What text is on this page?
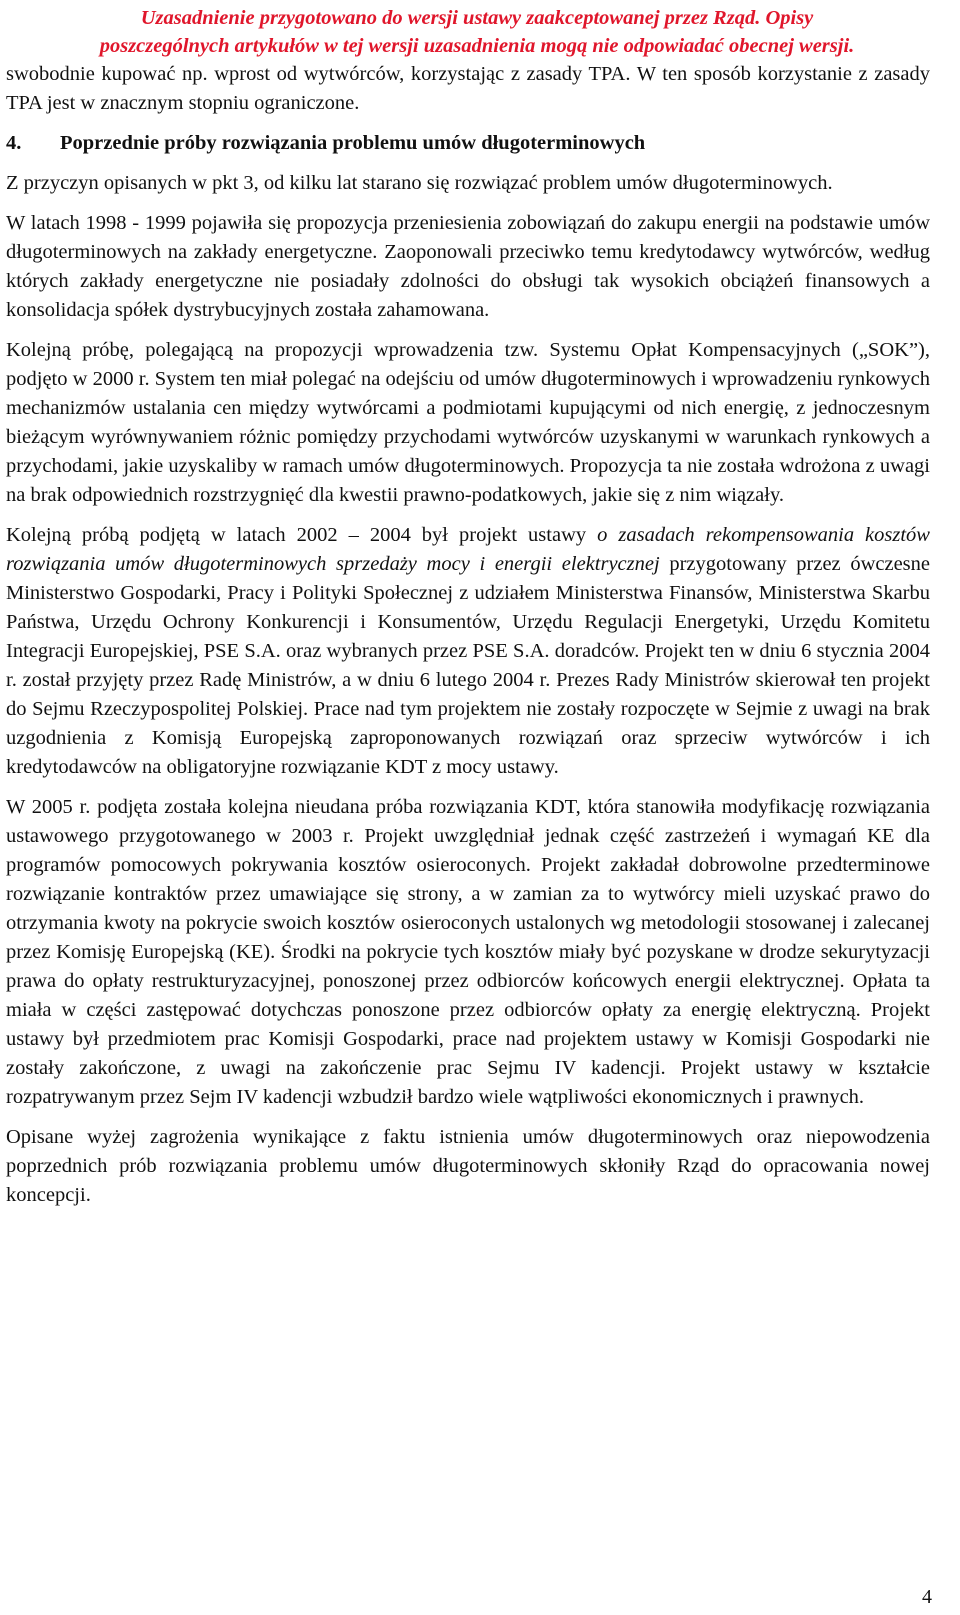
Uzasadnienie przygotowano do wersji ustawy zaakceptowanej przez Rząd. Opisy
poszczególnych artykułów w tej wersji uzasadnienia mogą nie odpowiadać obecnej wersji.

swobodnie kupować np. wprost od wytwórców, korzystając z zasady TPA. W ten sposób korzystanie z zasady TPA jest w znacznym stopniu ograniczone.

4. Poprzednie próby rozwiązania problemu umów długoterminowych

Z przyczyn opisanych w pkt 3, od kilku lat starano się rozwiązać problem umów długoterminowych.

W latach 1998 - 1999 pojawiła się propozycja przeniesienia zobowiązań do zakupu energii na podstawie umów długoterminowych na zakłady energetyczne. Zaoponowali przeciwko temu kredytodawcy wytwórców, według których zakłady energetyczne nie posiadały zdolności do obsługi tak wysokich obciążeń finansowych a konsolidacja spółek dystrybucyjnych została zahamowana.

Kolejną próbę, polegającą na propozycji wprowadzenia tzw. Systemu Opłat Kompensacyjnych („SOK”), podjęto w 2000 r. System ten miał polegać na odejściu od umów długoterminowych i wprowadzeniu rynkowych mechanizmów ustalania cen między wytwórcami a podmiotami kupującymi od nich energię, z jednoczesnym bieżącym wyrównywaniem różnic pomiędzy przychodami wytwórców uzyskanymi w warunkach rynkowych a przychodami, jakie uzyskaliby w ramach umów długoterminowych. Propozycja ta nie została wdrożona z uwagi na brak odpowiednich rozstrzygnięć dla kwestii prawno-podatkowych, jakie się z nim wiązały.

Kolejną próbą podjętą w latach 2002 – 2004 był projekt ustawy o zasadach rekompensowania kosztów rozwiązania umów długoterminowych sprzedaży mocy i energii elektrycznej przygotowany przez ówczesne Ministerstwo Gospodarki, Pracy i Polityki Społecznej z udziałem Ministerstwa Finansów, Ministerstwa Skarbu Państwa, Urzędu Ochrony Konkurencji i Konsumentów, Urzędu Regulacji Energetyki, Urzędu Komitetu Integracji Europejskiej, PSE S.A. oraz wybranych przez PSE S.A. doradców. Projekt ten w dniu 6 stycznia 2004 r. został przyjęty przez Radę Ministrów, a w dniu 6 lutego 2004 r. Prezes Rady Ministrów skierował ten projekt do Sejmu Rzeczypospolitej Polskiej. Prace nad tym projektem nie zostały rozpoczęte w Sejmie z uwagi na brak uzgodnienia z Komisją Europejską zaproponowanych rozwiązań oraz sprzeciw wytwórców i ich kredytodawców na obligatoryjne rozwiązanie KDT z mocy ustawy.

W 2005 r. podjęta została kolejna nieudana próba rozwiązania KDT, która stanowiła modyfikację rozwiązania ustawowego przygotowanego w 2003 r. Projekt uwzględniał jednak część zastrzeżeń i wymagań KE dla programów pomocowych pokrywania kosztów osieroconych. Projekt zakładał dobrowolne przedterminowe rozwiązanie kontraktów przez umawiające się strony, a w zamian za to wytwórcy mieli uzyskać prawo do otrzymania kwoty na pokrycie swoich kosztów osieroconych ustalonych wg metodologii stosowanej i zalecanej przez Komisję Europejską (KE). Środki na pokrycie tych kosztów miały być pozyskane w drodze sekurytyzacji prawa do opłaty restrukturyzacyjnej, ponoszonej przez odbiorców końcowych energii elektrycznej. Opłata ta miała w części zastępować dotychczas ponoszone przez odbiorców opłaty za energię elektryczną. Projekt ustawy był przedmiotem prac Komisji Gospodarki, prace nad projektem ustawy w Komisji Gospodarki nie zostały zakończone, z uwagi na zakończenie prac Sejmu IV kadencji. Projekt ustawy w kształcie rozpatrywanym przez Sejm IV kadencji wzbudził bardzo wiele wątpliwości ekonomicznych i prawnych.

Opisane wyżej zagrożenia wynikające z faktu istnienia umów długoterminowych oraz niepowodzenia poprzednich prób rozwiązania problemu umów długoterminowych skłoniły Rząd do opracowania nowej koncepcji.

4
